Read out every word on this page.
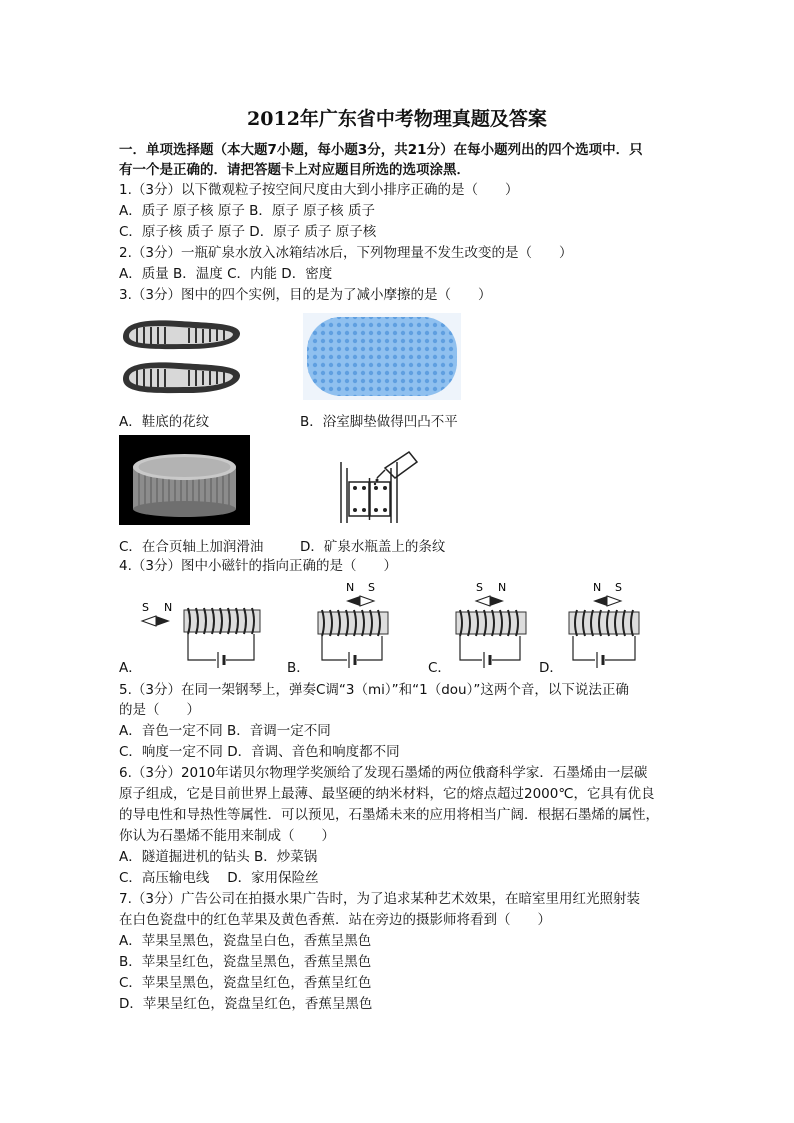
2012年广东省中考物理真题及答案
一．单项选择题（本大题7小题，每小题3分，共21分）在每小题列出的四个选项中．只
有一个是正确的．请把答题卡上对应题目所选的选项涂黑．
1.（3分）以下微观粒子按空间尺度由大到小排序正确的是（　　）
A．质子 原子核 原子 B．原子 原子核 质子
C．原子核 质子 原子 D．原子 质子 原子核
2.（3分）一瓶矿泉水放入冰箱结冰后，下列物理量不发生改变的是（　　）
A．质量 B．温度 C．内能 D．密度
3.（3分）图中的四个实例，目的是为了减小摩擦的是（　　）
A．鞋底的花纹	B．浴室脚垫做得凹凸不平
C．在合页轴上加润滑油	D．矿泉水瓶盖上的条纹
4.（3分）图中小磁针的指向正确的是（　　）
S N
A．
N S
B．
S N
C．
N S
D．
5.（3分）在同一架钢琴上，弹奏C调“3（mi）”和“1（dou）”这两个音，以下说法正确
的是（　　）
A．音色一定不同 B．音调一定不同
C．响度一定不同 D．音调、音色和响度都不同
6.（3分）2010年诺贝尔物理学奖颁给了发现石墨烯的两位俄裔科学家．石墨烯由一层碳
原子组成，它是目前世界上最薄、最坚硬的纳米材料，它的熔点超过2000℃，它具有优良
的导电性和导热性等属性．可以预见，石墨烯未来的应用将相当广阔．根据石墨烯的属性，
你认为石墨烯不能用来制成（　　）
A．隧道掘进机的钻头 B．炒菜锅
C．高压输电线　 D．家用保险丝
7.（3分）广告公司在拍摄水果广告时，为了追求某种艺术效果，在暗室里用红光照射装
在白色瓷盘中的红色苹果及黄色香蕉．站在旁边的摄影师将看到（　　）
A．苹果呈黑色，瓷盘呈白色，香蕉呈黑色
B．苹果呈红色，瓷盘呈黑色，香蕉呈黑色
C．苹果呈黑色，瓷盘呈红色，香蕉呈红色
D．苹果呈红色，瓷盘呈红色，香蕉呈黑色
